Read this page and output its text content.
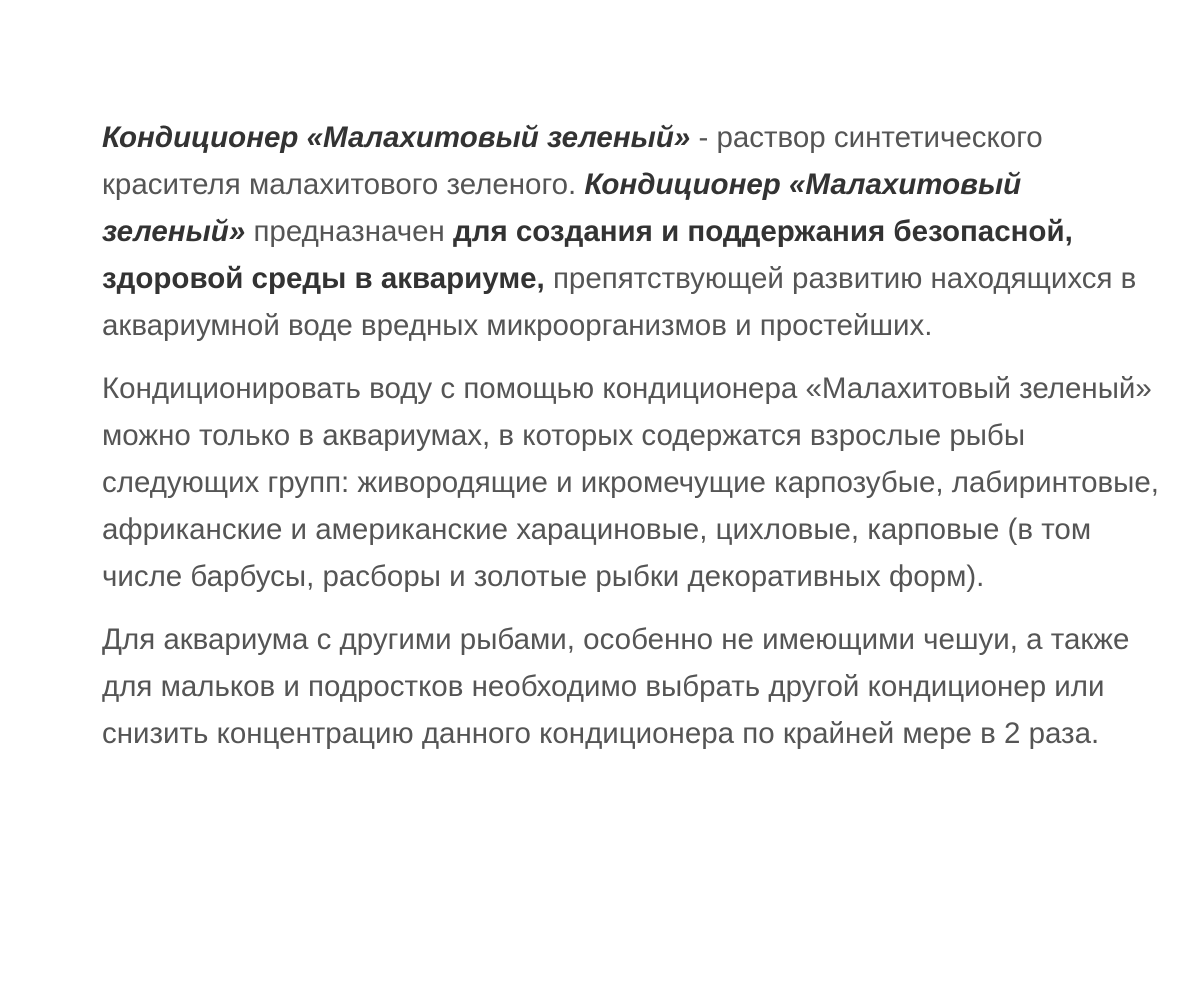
Кондиционер «Малахитовый зеленый» - раствор синтетического красителя малахитового зеленого. Кондиционер «Малахитовый зеленый» предназначен для создания и поддержания безопасной, здоровой среды в аквариуме, препятствующей развитию находящихся в аквариумной воде вредных микроорганизмов и простейших.

Кондиционировать воду с помощью кондиционера «Малахитовый зеленый» можно только в аквариумах, в которых содержатся взрослые рыбы следующих групп: живородящие и икромечущие карпозубые, лабиринтовые, африканские и американские харациновые, цихловые, карповые (в том числе барбусы, расборы и золотые рыбки декоративных форм).

Для аквариума с другими рыбами, особенно не имеющими чешуи, а также для мальков и подростков необходимо выбрать другой кондиционер или снизить концентрацию данного кондиционера по крайней мере в 2 раза.
